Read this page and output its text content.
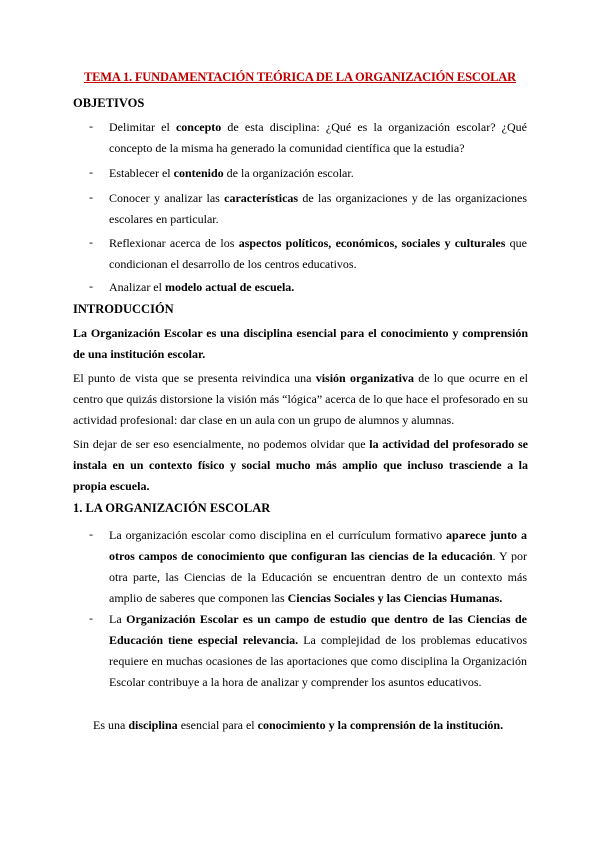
TEMA 1. FUNDAMENTACIÓN TEÓRICA DE LA ORGANIZACIÓN ESCOLAR
OBJETIVOS
- Delimitar el concepto de esta disciplina: ¿Qué es la organización escolar? ¿Qué concepto de la misma ha generado la comunidad científica que la estudia?
- Establecer el contenido de la organización escolar.
- Conocer y analizar las características de las organizaciones y de las organizaciones escolares en particular.
- Reflexionar acerca de los aspectos políticos, económicos, sociales y culturales que condicionan el desarrollo de los centros educativos.
- Analizar el modelo actual de escuela.
INTRODUCCIÓN
La Organización Escolar es una disciplina esencial para el conocimiento y comprensión de una institución escolar.
El punto de vista que se presenta reivindica una visión organizativa de lo que ocurre en el centro que quizás distorsione la visión más “lógica” acerca de lo que hace el profesorado en su actividad profesional: dar clase en un aula con un grupo de alumnos y alumnas.
Sin dejar de ser eso esencialmente, no podemos olvidar que la actividad del profesorado se instala en un contexto físico y social mucho más amplio que incluso trasciende a la propia escuela.
1. LA ORGANIZACIÓN ESCOLAR
- La organización escolar como disciplina en el currículum formativo aparece junto a otros campos de conocimiento que configuran las ciencias de la educación. Y por otra parte, las Ciencias de la Educación se encuentran dentro de un contexto más amplio de saberes que componen las Ciencias Sociales y las Ciencias Humanas.
- La Organización Escolar es un campo de estudio que dentro de las Ciencias de Educación tiene especial relevancia. La complejidad de los problemas educativos requiere en muchas ocasiones de las aportaciones que como disciplina la Organización Escolar contribuye a la hora de analizar y comprender los asuntos educativos.
Es una disciplina esencial para el conocimiento y la comprensión de la institución.
